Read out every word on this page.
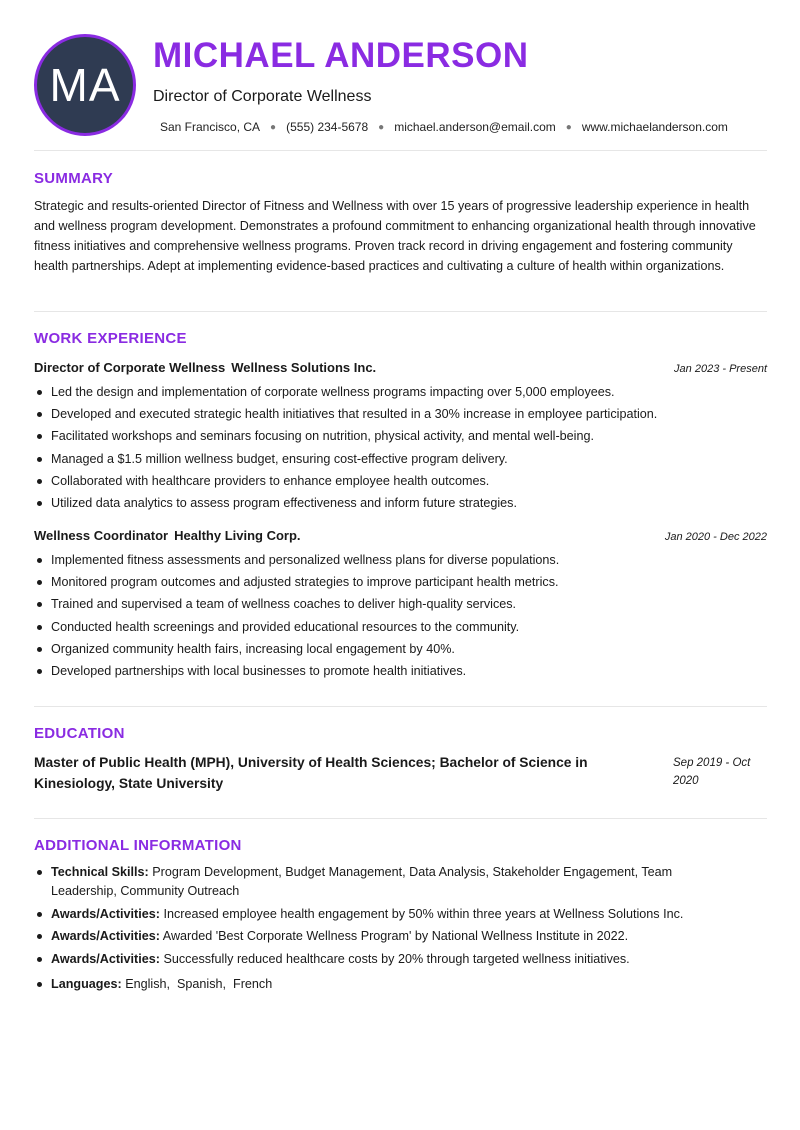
MA
MICHAEL ANDERSON
Director of Corporate Wellness
San Francisco, CA ● (555) 234-5678 ● michael.anderson@email.com ● www.michaelanderson.com
SUMMARY

Strategic and results-oriented Director of Fitness and Wellness with over 15 years of progressive leadership experience in health and wellness program development. Demonstrates a profound commitment to enhancing organizational health through innovative fitness initiatives and comprehensive wellness programs. Proven track record in driving engagement and fostering community health partnerships. Adept at implementing evidence-based practices and cultivating a culture of health within organizations.

WORK EXPERIENCE
Director of Corporate Wellness Wellness Solutions Inc.	Jan 2023 - Present
Led the design and implementation of corporate wellness programs impacting over 5,000 employees.
Developed and executed strategic health initiatives that resulted in a 30% increase in employee participation.
Facilitated workshops and seminars focusing on nutrition, physical activity, and mental well-being.
Managed a $1.5 million wellness budget, ensuring cost-effective program delivery.
Collaborated with healthcare providers to enhance employee health outcomes.
Utilized data analytics to assess program effectiveness and inform future strategies.
Wellness Coordinator Healthy Living Corp.	Jan 2020 - Dec 2022
Implemented fitness assessments and personalized wellness plans for diverse populations.
Monitored program outcomes and adjusted strategies to improve participant health metrics.
Trained and supervised a team of wellness coaches to deliver high-quality services.
Conducted health screenings and provided educational resources to the community.
Organized community health fairs, increasing local engagement by 40%.
Developed partnerships with local businesses to promote health initiatives.
EDUCATION
Master of Public Health (MPH), University of Health Sciences; Bachelor of Science in Kinesiology, State University
Sep 2019 - Oct 2020
ADDITIONAL INFORMATION
Technical Skills: Program Development, Budget Management, Data Analysis, Stakeholder Engagement, Team Leadership, Community Outreach
Awards/Activities: Increased employee health engagement by 50% within three years at Wellness Solutions Inc.
Awards/Activities: Awarded 'Best Corporate Wellness Program' by National Wellness Institute in 2022.
Awards/Activities: Successfully reduced healthcare costs by 20% through targeted wellness initiatives.
Languages: English,  Spanish,  French
